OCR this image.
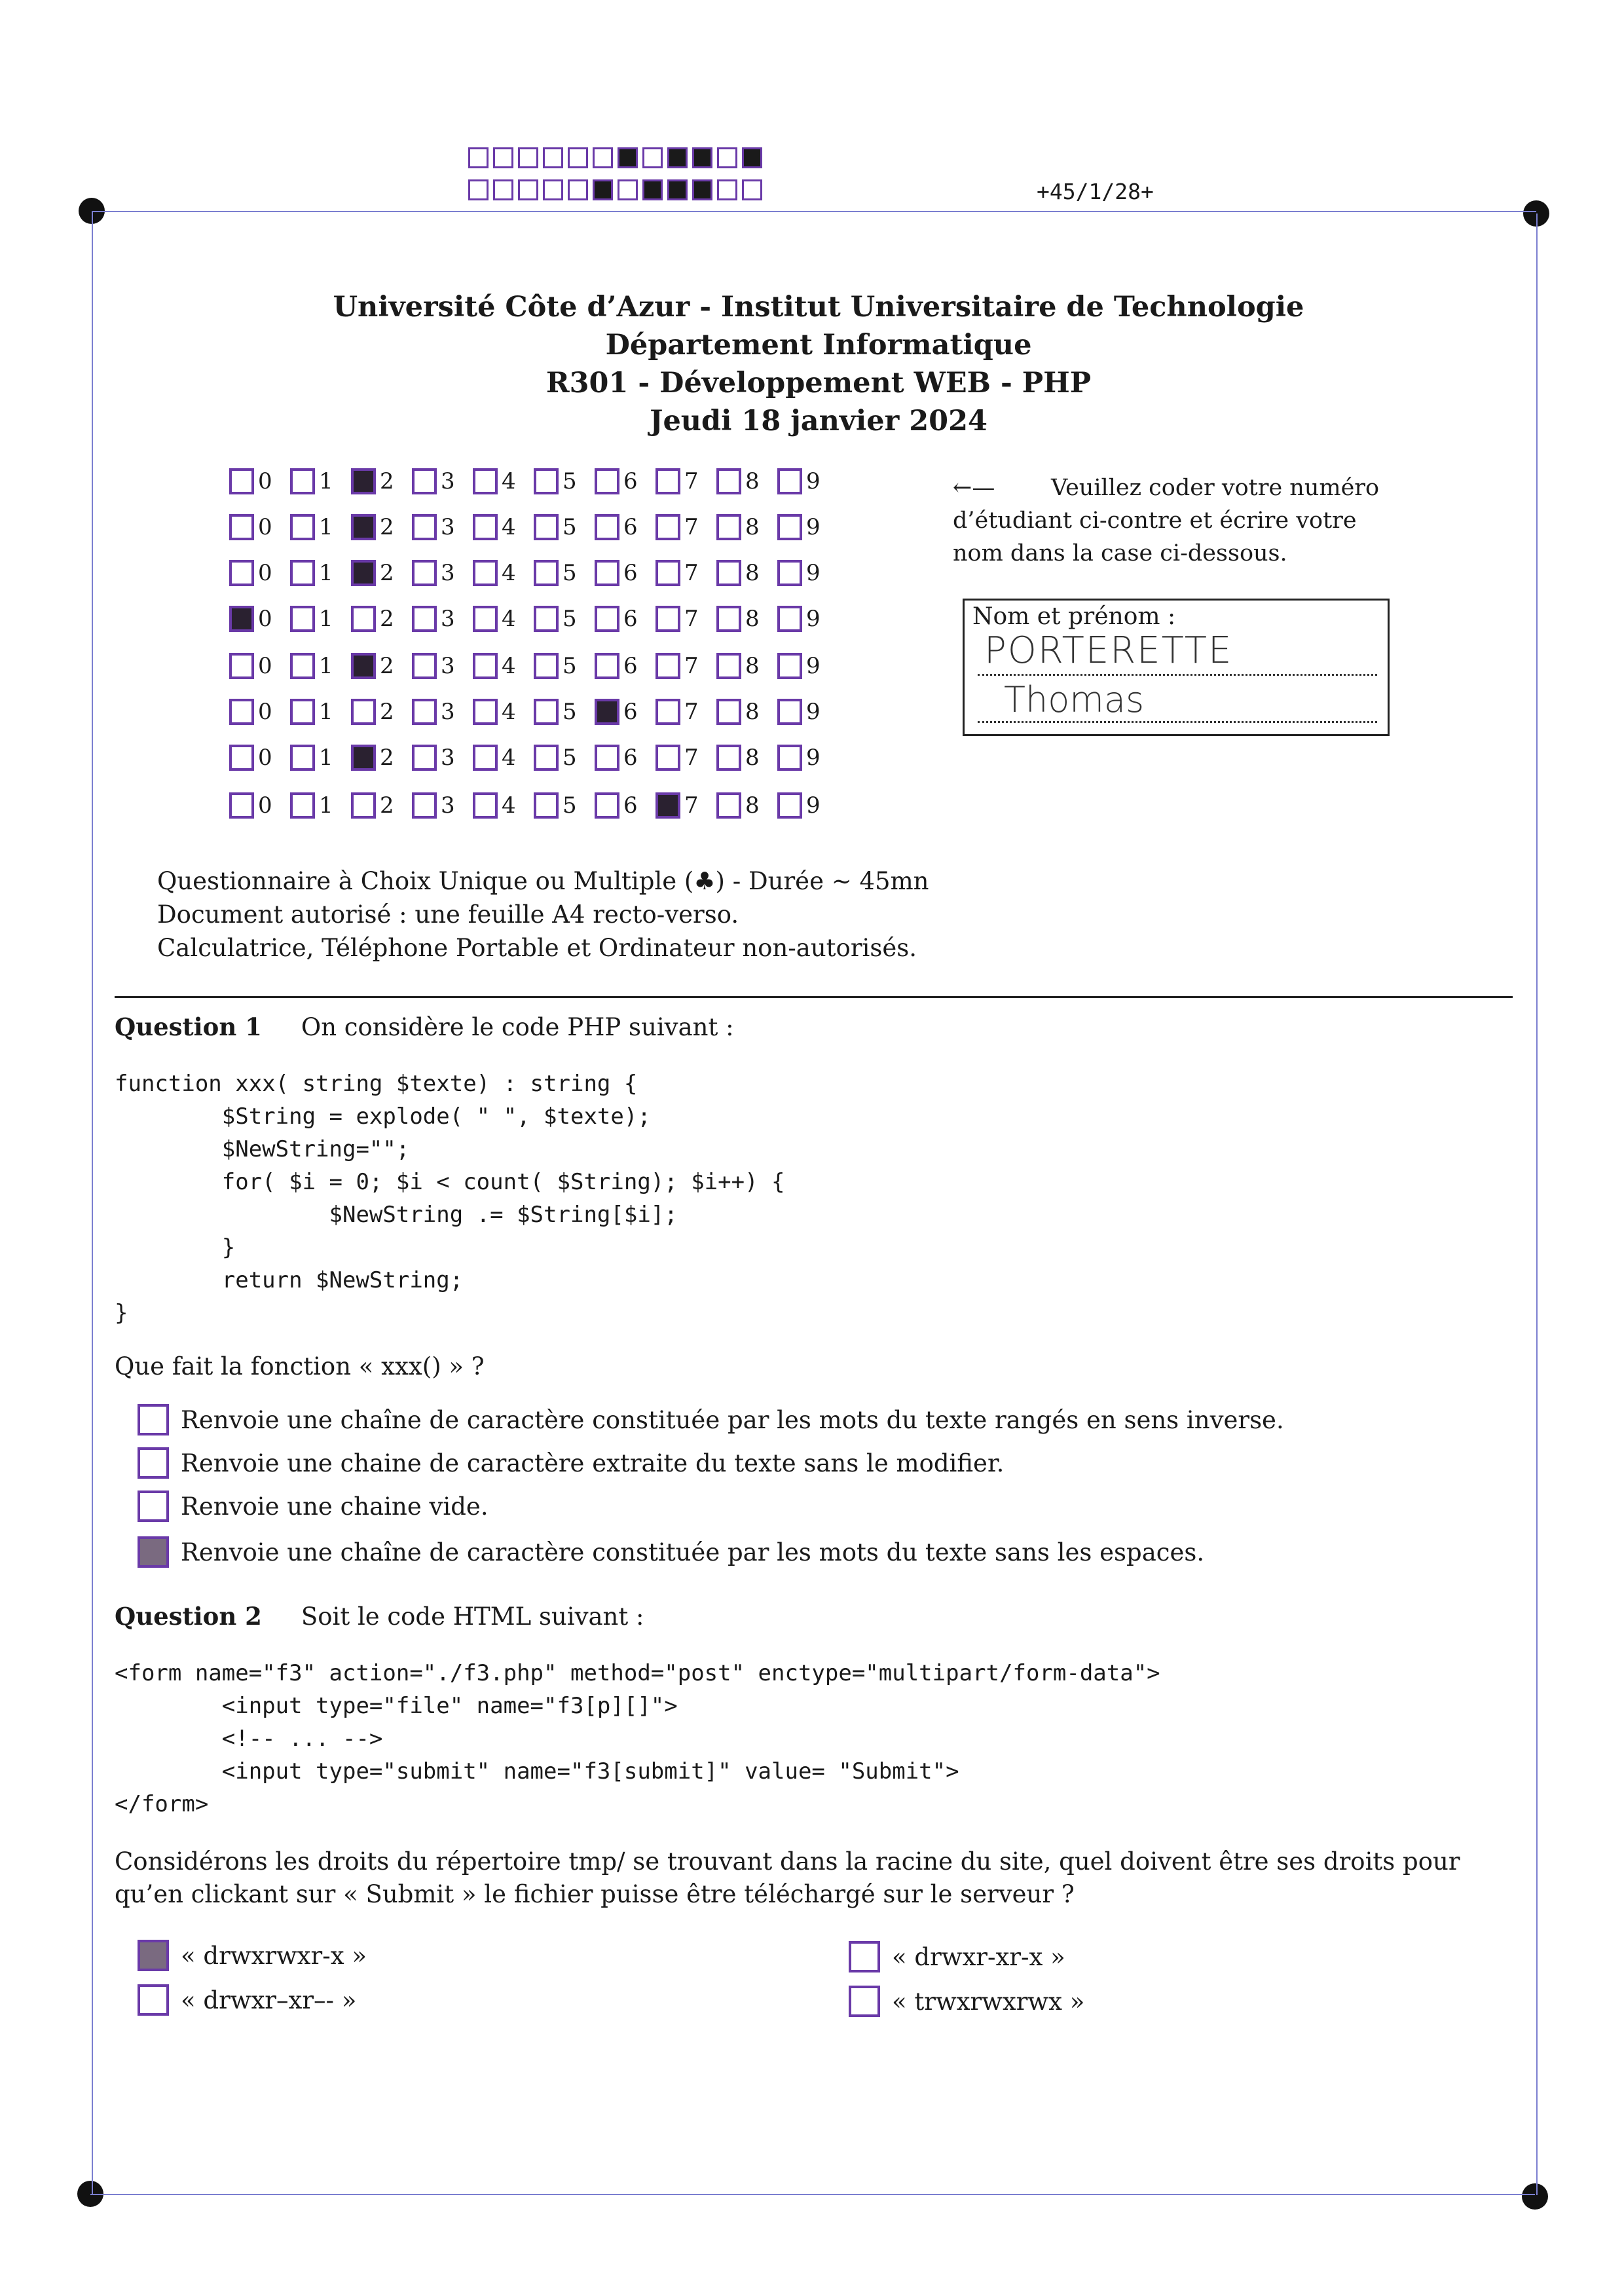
+45/1/28+
Université Côte d’Azur - Institut Universitaire de Technologie
Département Informatique
R301 - Développement WEB - PHP
Jeudi 18 janvier 2024
0 1 2 3 4 5 6 7 8 9
0 1 2 3 4 5 6 7 8 9
0 1 2 3 4 5 6 7 8 9
0 1 2 3 4 5 6 7 8 9
0 1 2 3 4 5 6 7 8 9
0 1 2 3 4 5 6 7 8 9
0 1 2 3 4 5 6 7 8 9
0 1 2 3 4 5 6 7 8 9
←— Veuillez coder votre numéro d’étudiant ci-contre et écrire votre nom dans la case ci-dessous.
Nom et prénom :
PORTERETTE
Thomas
Questionnaire à Choix Unique ou Multiple (♣) - Durée ∼ 45mn
Document autorisé : une feuille A4 recto-verso.
Calculatrice, Téléphone Portable et Ordinateur non-autorisés.
Question 1 On considère le code PHP suivant :
function xxx( string $texte) : string {
$String = explode( " ", $texte);
$NewString="";
for( $i = 0; $i < count( $String); $i++) {
$NewString .= $String[$i];
}
return $NewString;
}
Que fait la fonction « xxx() » ?
Renvoie une chaîne de caractère constituée par les mots du texte rangés en sens inverse.
Renvoie une chaine de caractère extraite du texte sans le modifier.
Renvoie une chaine vide.
Renvoie une chaîne de caractère constituée par les mots du texte sans les espaces.
Question 2 Soit le code HTML suivant :
<form name="f3" action="./f3.php" method="post" enctype="multipart/form-data">
<input type="file" name="f3[p][]">
<!-- ... -->
<input type="submit" name="f3[submit]" value= "Submit">
</form>
Considérons les droits du répertoire tmp/ se trouvant dans la racine du site, quel doivent être ses droits pour qu’en clickant sur « Submit » le fichier puisse être téléchargé sur le serveur ?
« drwxrwxr-x »	« drwxr-xr-x »
« drwxr–xr–- »	« trwxrwxrwx »
